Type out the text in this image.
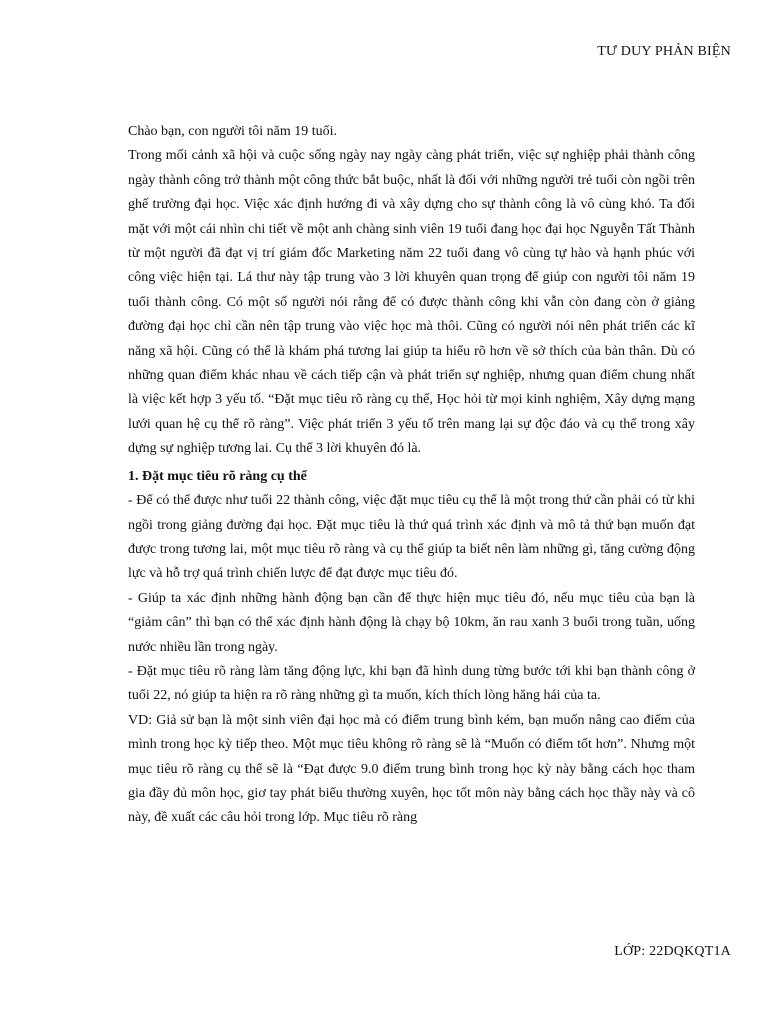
TƯ DUY PHẢN BIỆN

Chào bạn, con người tôi năm 19 tuổi.

Trong mối cảnh xã hội và cuộc sống ngày nay ngày càng phát triển, việc sự nghiệp phải thành công ngày thành công trở thành một công thức bắt buộc, nhất là đối với những người trẻ tuổi còn ngồi trên ghế trường đại học. Việc xác định hướng đi và xây dựng cho sự thành công là vô cùng khó. Ta đối mặt với một cái nhìn chi tiết về một anh chàng sinh viên 19 tuổi đang học đại học Nguyễn Tất Thành từ một người đã đạt vị trí giám đốc Marketing năm 22 tuổi đang vô cùng tự hào và hạnh phúc với công việc hiện tại. Lá thư này tập trung vào 3 lời khuyên quan trọng để giúp con người tôi năm 19 tuổi thành công. Có một số người nói rằng để có được thành công khi vẫn còn đang còn ở giảng đường đại học chỉ cần nên tập trung vào việc học mà thôi. Cũng có người nói nên phát triển các kĩ năng xã hội. Cũng có thể là khám phá tương lai giúp ta hiểu rõ hơn về sở thích của bản thân. Dù có những quan điểm khác nhau về cách tiếp cận và phát triển sự nghiệp, nhưng quan điểm chung nhất là việc kết hợp 3 yếu tố. “Đặt mục tiêu rõ ràng cụ thể, Học hỏi từ mọi kinh nghiệm, Xây dựng mạng lưới quan hệ cụ thể rõ ràng”. Việc phát triển 3 yếu tố trên mang lại sự độc đáo và cụ thể trong xây dựng sự nghiệp tương lai. Cụ thể 3 lời khuyên đó là.

1. Đặt mục tiêu rõ ràng cụ thể

- Để có thể được như tuổi 22 thành công, việc đặt mục tiêu cụ thể là một trong thứ cần phải có từ khi ngồi trong giảng đường đại học. Đặt mục tiêu là thứ quá trình xác định và mô tả thứ bạn muốn đạt được trong tương lai, một mục tiêu rõ ràng và cụ thể giúp ta biết nên làm những gì, tăng cường động lực và hỗ trợ quá trình chiến lược để đạt được mục tiêu đó.

- Giúp ta xác định những hành động bạn cần để thực hiện mục tiêu đó, nếu mục tiêu của bạn là “giảm cân” thì bạn có thể xác định hành động là chạy bộ 10km, ăn rau xanh 3 buổi trong tuần, uống nước nhiều lần trong ngày.

- Đặt mục tiêu rõ ràng làm tăng động lực, khi bạn đã hình dung từng bước tới khi bạn thành công ở tuổi 22, nó giúp ta hiện ra rõ ràng những gì ta muốn, kích thích lòng hăng hái của ta.

VD: Giả sử bạn là một sinh viên đại học mà có điểm trung bình kém, bạn muốn nâng cao điểm của mình trong học kỳ tiếp theo. Một mục tiêu không rõ ràng sẽ là “Muốn có điểm tốt hơn”. Nhưng một mục tiêu rõ ràng cụ thể sẽ là “Đạt được 9.0 điểm trung bình trong học kỳ này bằng cách học tham gia đầy đủ môn học, giơ tay phát biểu thường xuyên, học tốt môn này bằng cách học thầy này và cô này, đề xuất các câu hỏi trong lớp. Mục tiêu rõ ràng

LỚP: 22DQKQT1A
